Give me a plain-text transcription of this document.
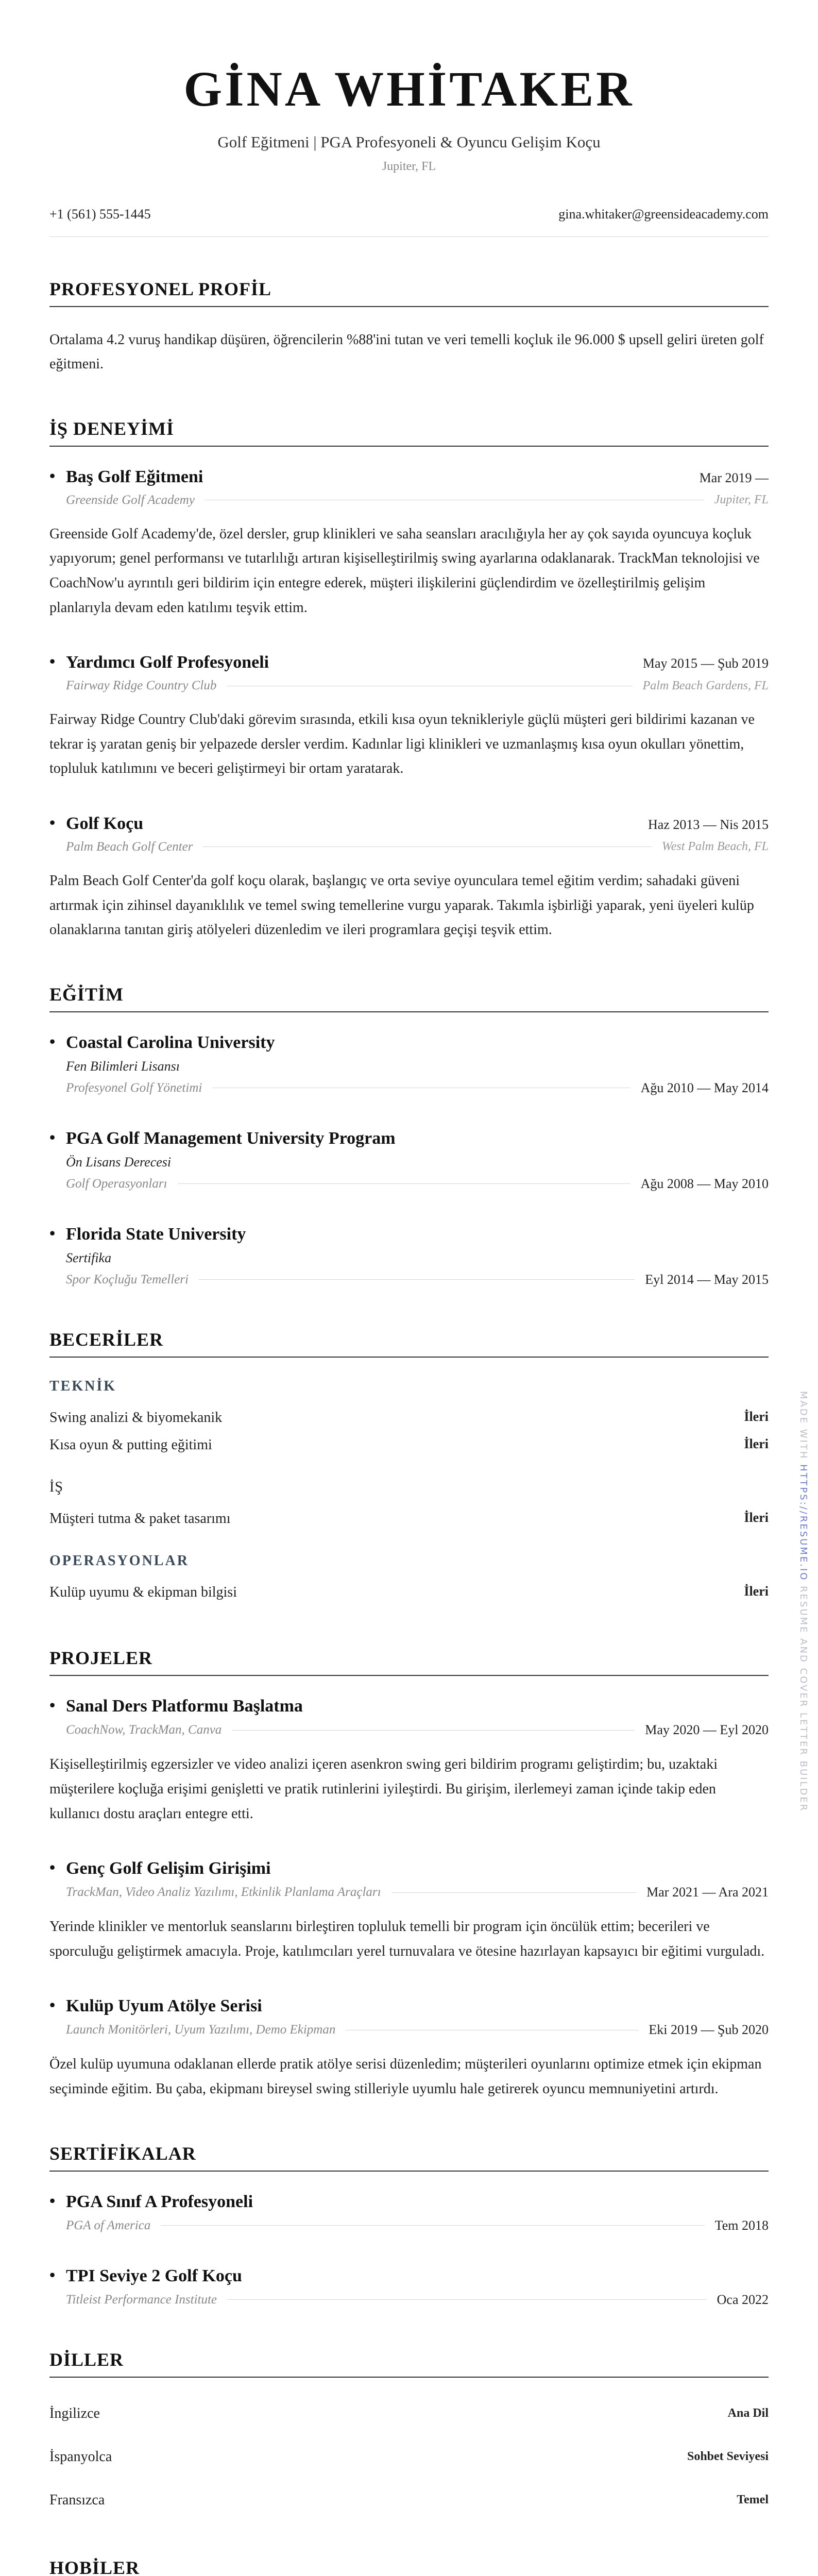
GİNA WHİTAKER
Golf Eğitmeni | PGA Profesyoneli & Oyuncu Gelişim Koçu
Jupiter, FL
+1 (561) 555-1445	gina.whitaker@greensideacademy.com
PROFESYONEL PROFİL

Ortalama 4.2 vuruş handikap düşüren, öğrencilerin %88'ini tutan ve veri temelli koçluk ile 96.000 $ upsell geliri üreten golf eğitmeni.

İŞ DENEYİMİ
• Baş Golf Eğitmeni	Mar 2019 —
Greenside Golf Academy	Jupiter, FL

Greenside Golf Academy'de, özel dersler, grup klinikleri ve saha seansları aracılığıyla her ay çok sayıda oyuncuya koçluk yapıyorum; genel performansı ve tutarlılığı artıran kişiselleştirilmiş swing ayarlarına odaklanarak. TrackMan teknolojisi ve CoachNow'u ayrıntılı geri bildirim için entegre ederek, müşteri ilişkilerini güçlendirdim ve özelleştirilmiş gelişim planlarıyla devam eden katılımı teşvik ettim.

• Yardımcı Golf Profesyoneli	May 2015 — Şub 2019
Fairway Ridge Country Club	Palm Beach Gardens, FL

Fairway Ridge Country Club'daki görevim sırasında, etkili kısa oyun teknikleriyle güçlü müşteri geri bildirimi kazanan ve tekrar iş yaratan geniş bir yelpazede dersler verdim. Kadınlar ligi klinikleri ve uzmanlaşmış kısa oyun okulları yönettim, topluluk katılımını ve beceri geliştirmeyi bir ortam yaratarak.

• Golf Koçu	Haz 2013 — Nis 2015
Palm Beach Golf Center	West Palm Beach, FL

Palm Beach Golf Center'da golf koçu olarak, başlangıç ve orta seviye oyunculara temel eğitim verdim; sahadaki güveni artırmak için zihinsel dayanıklılık ve temel swing temellerine vurgu yaparak. Takımla işbirliği yaparak, yeni üyeleri kulüp olanaklarına tanıtan giriş atölyeleri düzenledim ve ileri programlara geçişi teşvik ettim.

EĞİTİM
• Coastal Carolina University
Fen Bilimleri Lisansı
Profesyonel Golf Yönetimi	Ağu 2010 — May 2014
• PGA Golf Management University Program
Ön Lisans Derecesi
Golf Operasyonları	Ağu 2008 — May 2010
• Florida State University
Sertifika
Spor Koçluğu Temelleri	Eyl 2014 — May 2015
BECERİLER
TEKNİK
Swing analizi & biyomekanik	İleri
Kısa oyun & putting eğitimi	İleri
İŞ
Müşteri tutma & paket tasarımı	İleri
OPERASYONLAR
Kulüp uyumu & ekipman bilgisi	İleri
PROJELER
• Sanal Ders Platformu Başlatma
CoachNow, TrackMan, Canva	May 2020 — Eyl 2020

Kişiselleştirilmiş egzersizler ve video analizi içeren asenkron swing geri bildirim programı geliştirdim; bu, uzaktaki müşterilere koçluğa erişimi genişletti ve pratik rutinlerini iyileştirdi. Bu girişim, ilerlemeyi zaman içinde takip eden kullanıcı dostu araçları entegre etti.

• Genç Golf Gelişim Girişimi
TrackMan, Video Analiz Yazılımı, Etkinlik Planlama Araçları	Mar 2021 — Ara 2021

Yerinde klinikler ve mentorluk seanslarını birleştiren topluluk temelli bir program için öncülük ettim; becerileri ve sporculuğu geliştirmek amacıyla. Proje, katılımcıları yerel turnuvalara ve ötesine hazırlayan kapsayıcı bir eğitimi vurguladı.

• Kulüp Uyum Atölye Serisi
Launch Monitörleri, Uyum Yazılımı, Demo Ekipman	Eki 2019 — Şub 2020

Özel kulüp uyumuna odaklanan ellerde pratik atölye serisi düzenledim; müşterileri oyunlarını optimize etmek için ekipman seçiminde eğitim. Bu çaba, ekipmanı bireysel swing stilleriyle uyumlu hale getirerek oyuncu memnuniyetini artırdı.

SERTİFİKALAR
• PGA Sınıf A Profesyoneli
PGA of America	Tem 2018
• TPI Seviye 2 Golf Koçu
Titleist Performance Institute	Oca 2022
DİLLER
İngilizce	Ana Dil
İspanyolca	Sohbet Seviyesi
Fransızca	Temel
HOBİLER

MADE WITH HTTPS://RESUME.IO RESUME AND COVER LETTER BUILDER
